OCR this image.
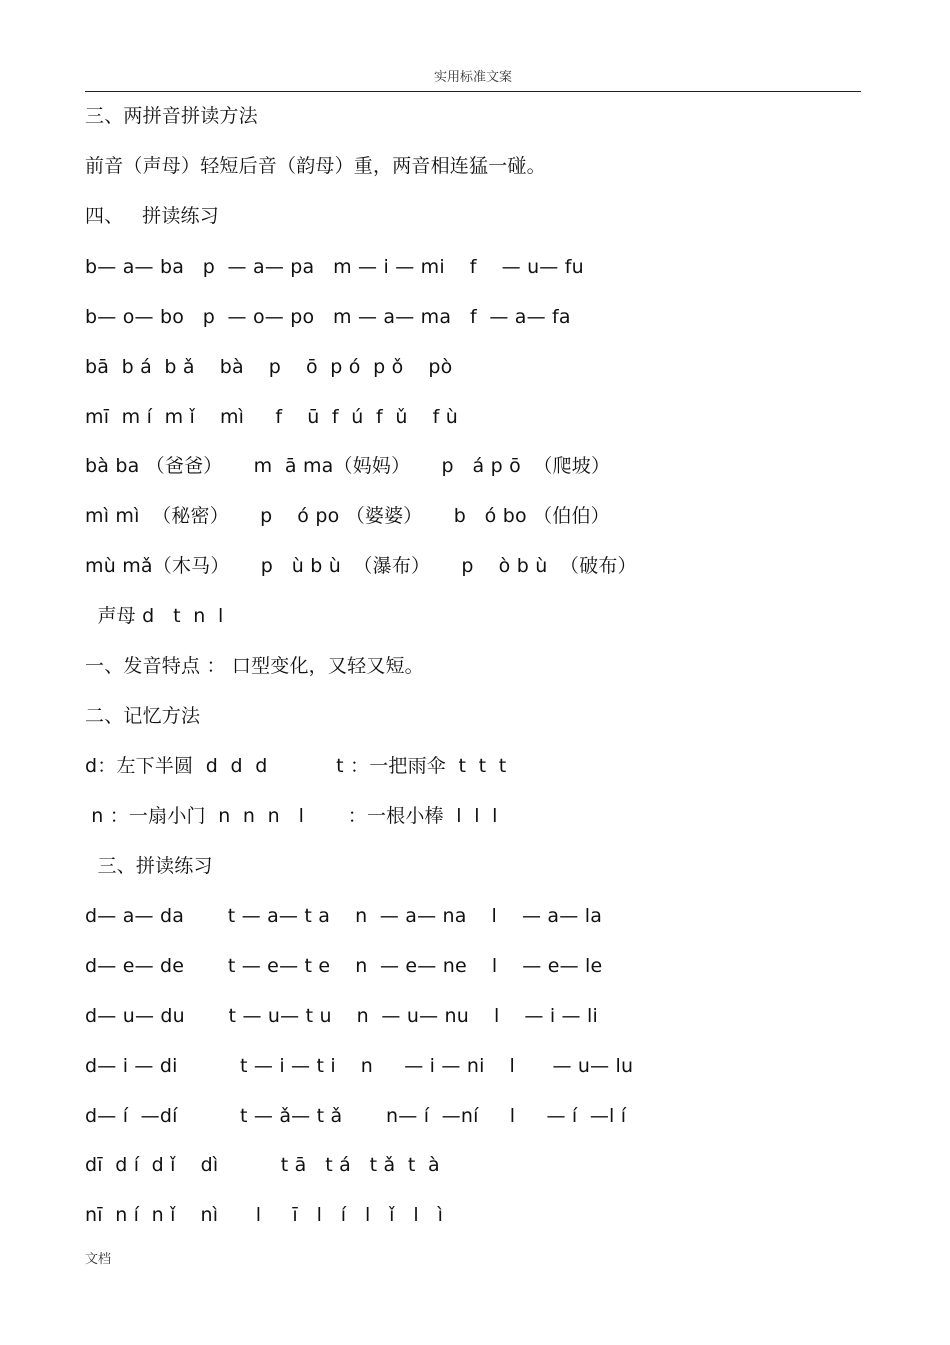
实用标准文案
三、两拼音拼读方法
前音（声母）轻短后音（韵母）重，两音相连猛一碰。
四、   拼读练习
b— a— ba   p  — a— pa   m — i — mi    f    — u— fu
b— o— bo   p  — o— po   m — a— ma   f  — a— fa
bā  b á  b ǎ    bà    p    ō  p ó  p ǒ    pò
mī  m í  m ǐ    mì     f    ū  f  ú  f  ǔ    f ù
bà ba （爸爸）     m  ā ma（妈妈）     p   á p ō  （爬坡）
mì mì  （秘密）     p    ó po （婆婆）     b   ó bo （伯伯）
mù mǎ（木马）     p   ù b ù  （瀑布）     p    ò b ù  （破布）
声母 d   t  n  l
一、发音特点 ： 口型变化，又轻又短。
二、记忆方法
d：左下半圆  d  d  d           t ：一把雨伞  t  t  t
n ：一扇小门  n  n  n   l       ：一根小棒  l  l  l
三、拼读练习
d— a— da       t — a— t a    n  — a— na    l    — a— la
d— e— de       t — e— t e    n  — e— ne    l    — e— le
d— u— du       t — u— t u    n  — u— nu    l    — i — li
d— i — di          t — i — t i    n     — i — ni    l      — u— lu
d— í  —dí          t — ǎ— t ǎ       n— í  —ní     l     — í  —l í
dī  d í  d ǐ    dì          t ā   t á   t ǎ  t  à
nī  n í  n ǐ    nì      l     ī   l   í   l   ǐ   l   ì
文档
